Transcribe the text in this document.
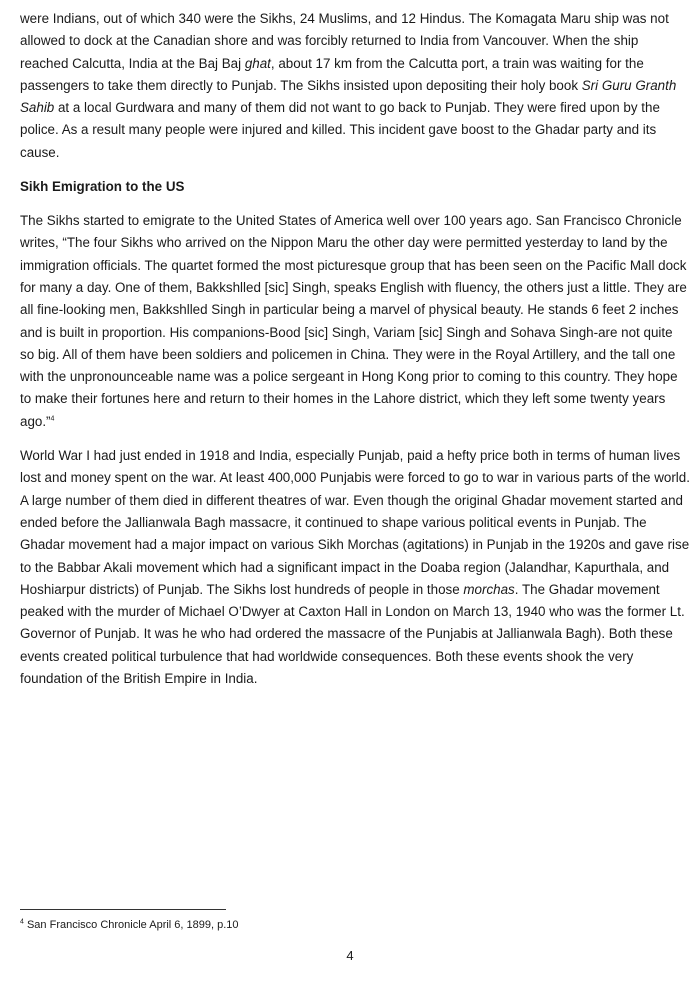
were Indians, out of which 340 were the Sikhs, 24 Muslims, and 12 Hindus. The Komagata Maru ship was not allowed to dock at the Canadian shore and was forcibly returned to India from Vancouver. When the ship reached Calcutta, India at the Baj Baj ghat, about 17 km from the Calcutta port, a train was waiting for the passengers to take them directly to Punjab. The Sikhs insisted upon depositing their holy book Sri Guru Granth Sahib at a local Gurdwara and many of them did not want to go back to Punjab. They were fired upon by the police. As a result many people were injured and killed. This incident gave boost to the Ghadar party and its cause.

Sikh Emigration to the US

The Sikhs started to emigrate to the United States of America well over 100 years ago. San Francisco Chronicle writes, “The four Sikhs who arrived on the Nippon Maru the other day were permitted yesterday to land by the immigration officials. The quartet formed the most picturesque group that has been seen on the Pacific Mall dock for many a day. One of them, Bakkshlled [sic] Singh, speaks English with fluency, the others just a little. They are all fine-looking men, Bakkshlled Singh in particular being a marvel of physical beauty. He stands 6 feet 2 inches and is built in proportion. His companions-Bood [sic] Singh, Variam [sic] Singh and Sohava Singh-are not quite so big. All of them have been soldiers and policemen in China. They were in the Royal Artillery, and the tall one with the unpronounceable name was a police sergeant in Hong Kong prior to coming to this country. They hope to make their fortunes here and return to their homes in the Lahore district, which they left some twenty years ago.”$^4$

World War I had just ended in 1918 and India, especially Punjab, paid a hefty price both in terms of human lives lost and money spent on the war. At least 400,000 Punjabis were forced to go to war in various parts of the world. A large number of them died in different theatres of war. Even though the original Ghadar movement started and ended before the Jallianwala Bagh massacre, it continued to shape various political events in Punjab. The Ghadar movement had a major impact on various Sikh Morchas (agitations) in Punjab in the 1920s and gave rise to the Babbar Akali movement which had a significant impact in the Doaba region (Jalandhar, Kapurthala, and Hoshiarpur districts) of Punjab. The Sikhs lost hundreds of people in those morchas. The Ghadar movement peaked with the murder of Michael O’Dwyer at Caxton Hall in London on March 13, 1940 who was the former Lt. Governor of Punjab. It was he who had ordered the massacre of the Punjabis at Jallianwala Bagh). Both these events created political turbulence that had worldwide consequences. Both these events shook the very foundation of the British Empire in India.

$^4$ San Francisco Chronicle April 6, 1899, p.10
4
